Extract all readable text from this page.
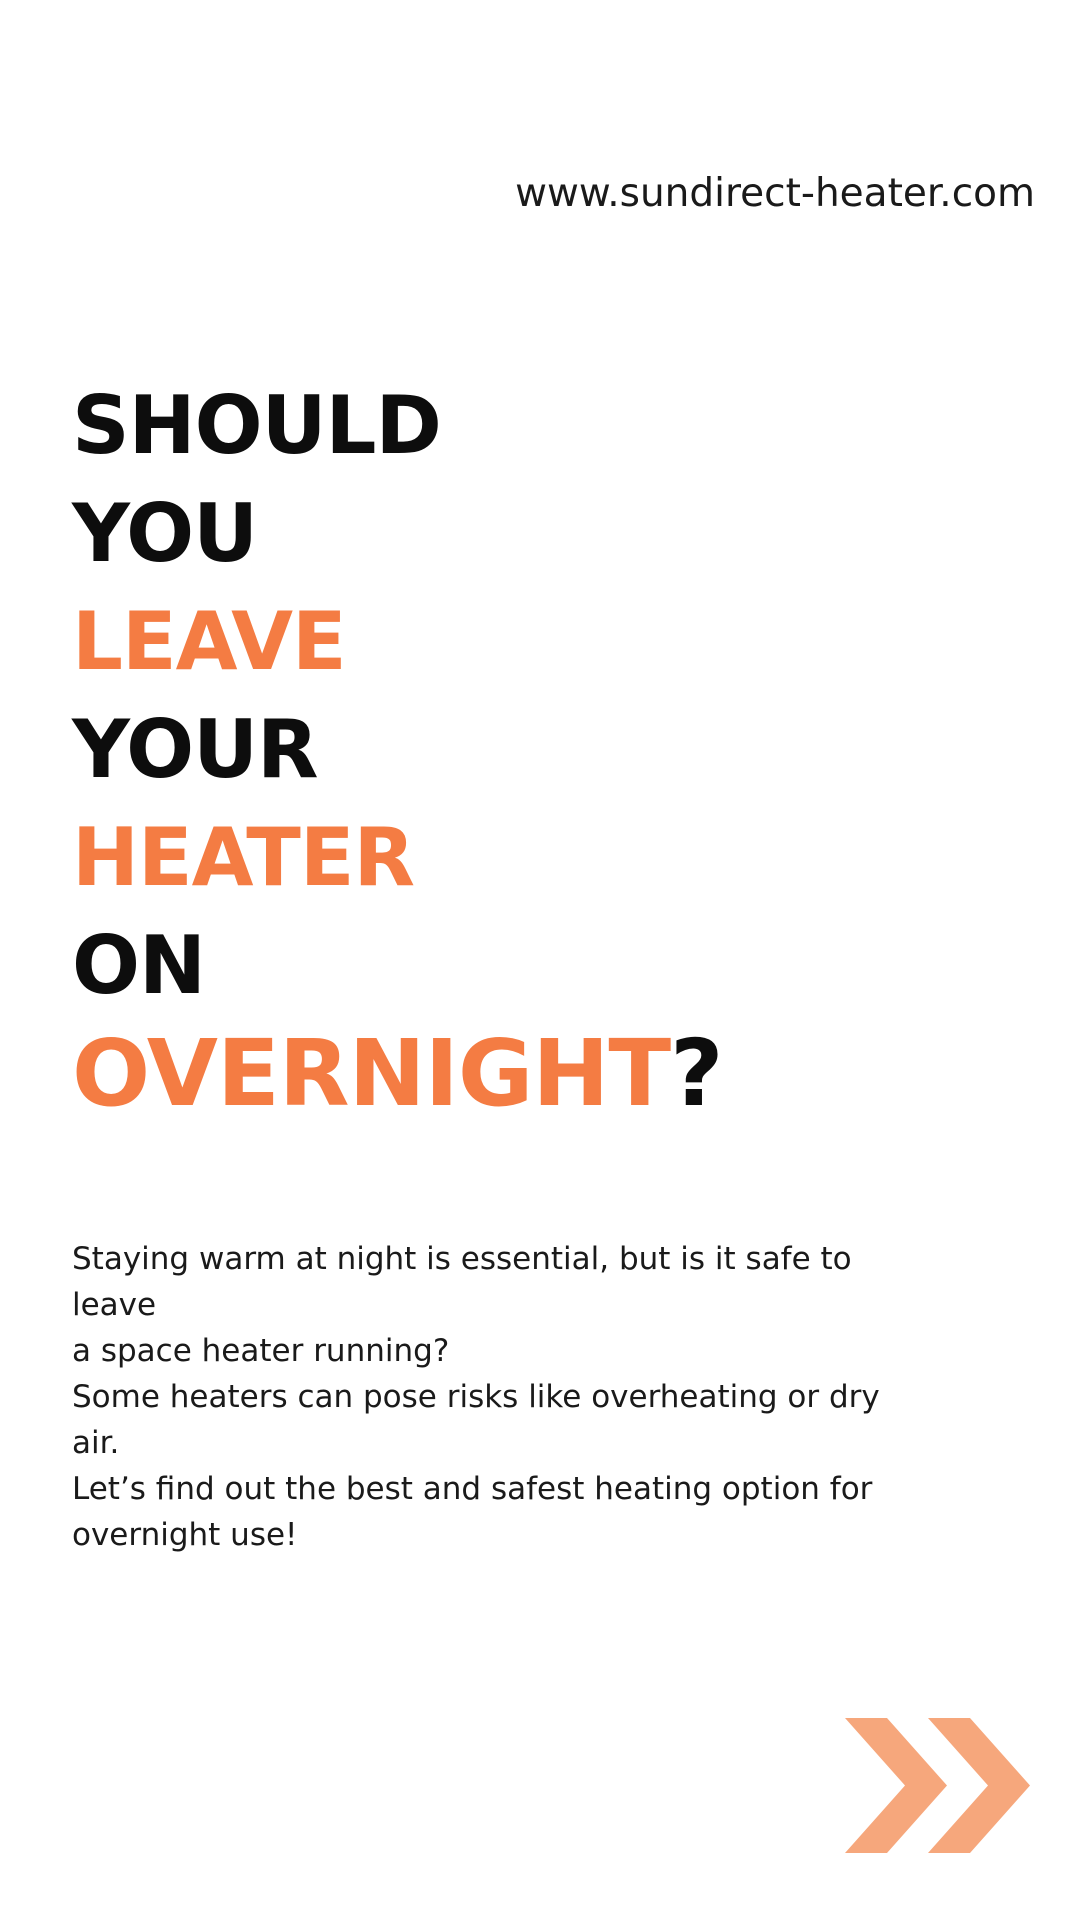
www.sundirect-heater.com
SHOULD
YOU
LEAVE
YOUR
HEATER
ON
OVERNIGHT?
Staying warm at night is essential, but is it safe to leave
a space heater running?
Some heaters can pose risks like overheating or dry air.
Let’s find out the best and safest heating option for overnight use!
